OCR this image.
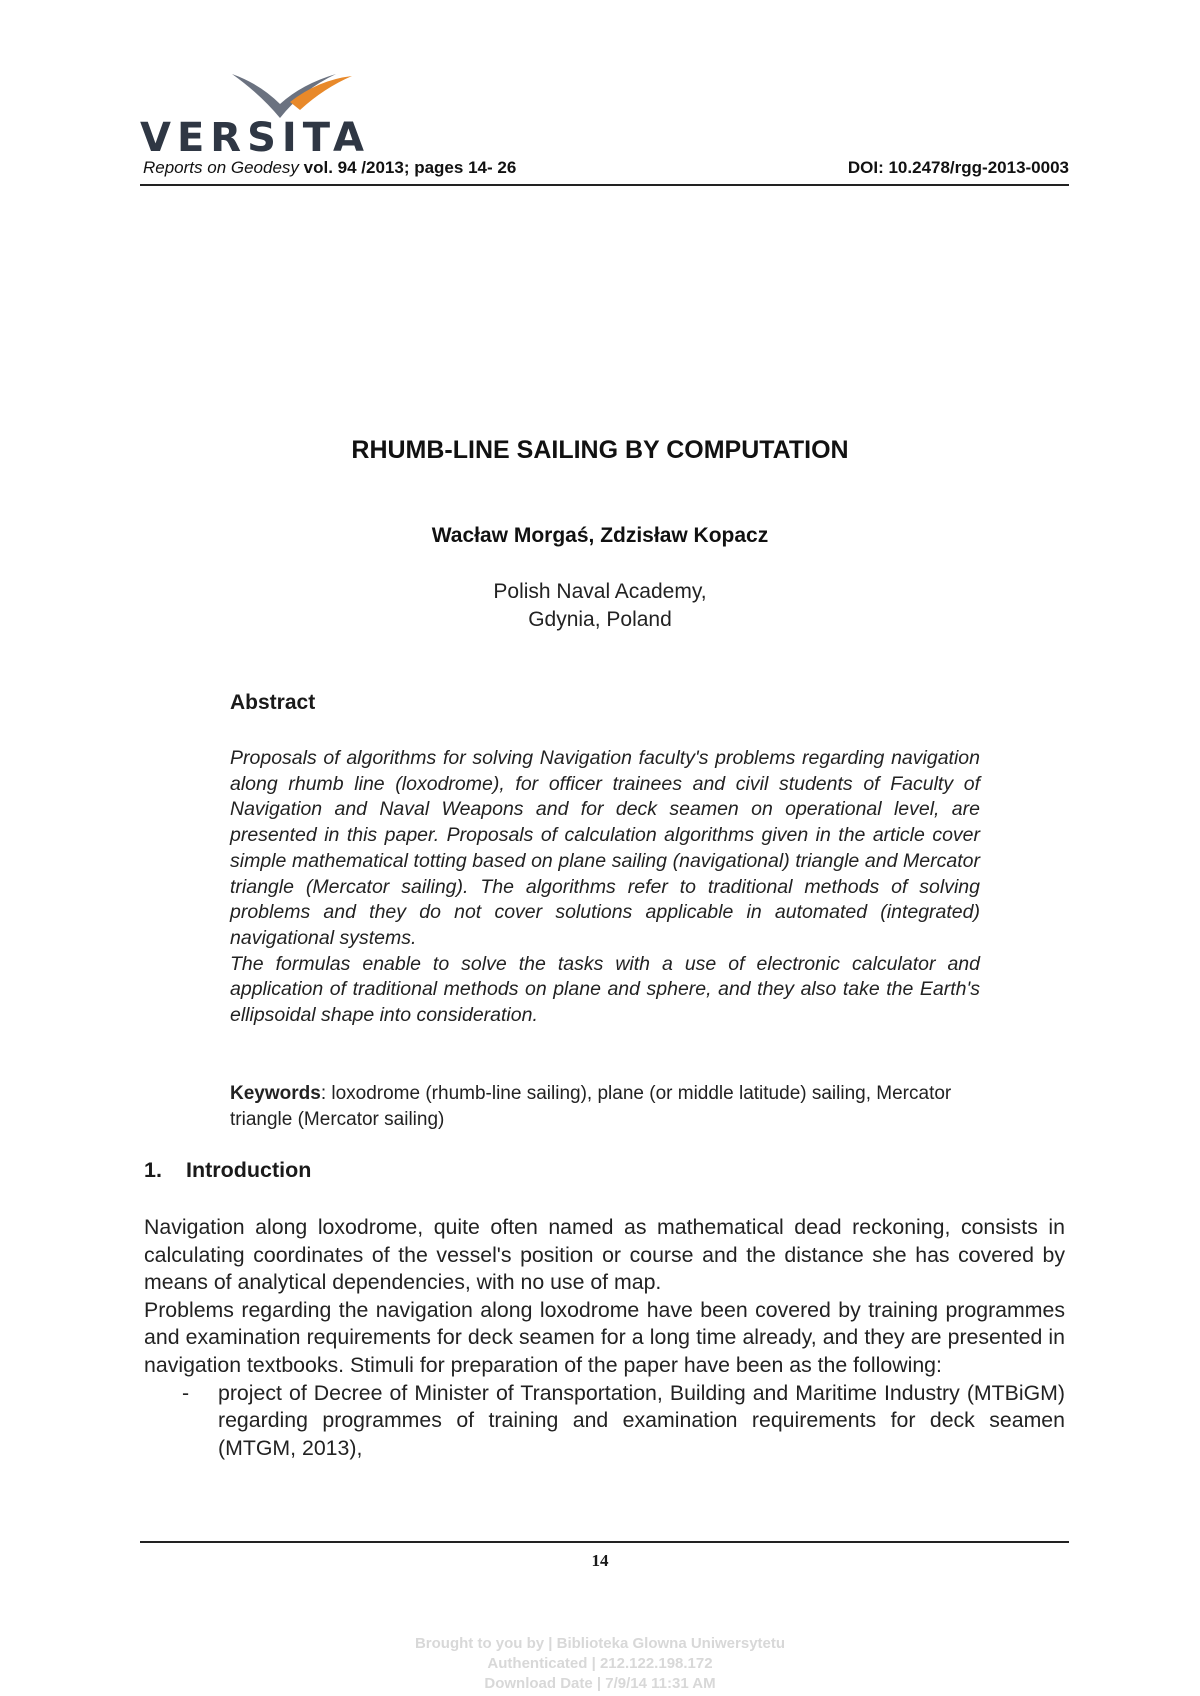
VERSITA
Reports on Geodesy vol. 94 /2013; pages 14- 26	DOI: 10.2478/rgg-2013-0003
RHUMB-LINE SAILING BY COMPUTATION
Wacław Morgaś, Zdzisław Kopacz
Polish Naval Academy,
Gdynia, Poland
Abstract

Proposals of algorithms for solving Navigation faculty's problems regarding navigation along rhumb line (loxodrome), for officer trainees and civil students of Faculty of Navigation and Naval Weapons and for deck seamen on operational level, are presented in this paper. Proposals of calculation algorithms given in the article cover simple mathematical totting based on plane sailing (navigational) triangle and Mercator triangle (Mercator sailing). The algorithms refer to traditional methods of solving problems and they do not cover solutions applicable in automated (integrated) navigational systems.

The formulas enable to solve the tasks with a use of electronic calculator and application of traditional methods on plane and sphere, and they also take the Earth's ellipsoidal shape into consideration.

Keywords: loxodrome (rhumb-line sailing), plane (or middle latitude) sailing, Mercator triangle (Mercator sailing)
1. Introduction

Navigation along loxodrome, quite often named as mathematical dead reckoning, consists in calculating coordinates of the vessel's position or course and the distance she has covered by means of analytical dependencies, with no use of map.

Problems regarding the navigation along loxodrome have been covered by training programmes and examination requirements for deck seamen for a long time already, and they are presented in navigation textbooks. Stimuli for preparation of the paper have been as the following:

- project of Decree of Minister of Transportation, Building and Maritime Industry (MTBiGM) regarding programmes of training and examination requirements for deck seamen (MTGM, 2013),

14
Brought to you by | Biblioteka Glowna Uniwersytetu
Authenticated | 212.122.198.172
Download Date | 7/9/14 11:31 AM
